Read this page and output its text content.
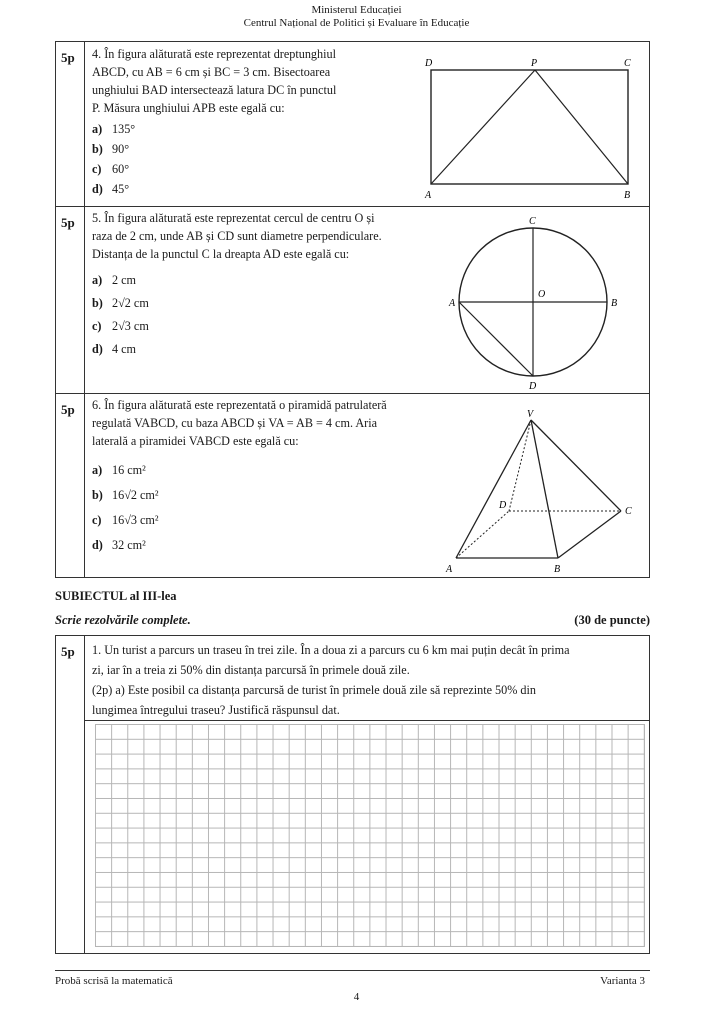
Ministerul Educației
Centrul Național de Politici și Evaluare în Educație
5p 4. În figura alăturată este reprezentat dreptunghiul
ABCD, cu AB = 6 cm și BC = 3 cm. Bisectoarea
unghiului BAD intersectează latura DC în punctul
P. Măsura unghiului APB este egală cu:
a) 135°
b) 90°
c) 60°
d) 45°
D	P	C
A	B
5p 5. În figura alăturată este reprezentat cercul de centru O și
raza de 2 cm, unde AB și CD sunt diametre perpendiculare.
Distanța de la punctul C la dreapta AD este egală cu:
a) 2 cm
b) 2√2 cm
c) 2√3 cm
d) 4 cm
C
A
O
B
D
5p 6. În figura alăturată este reprezentată o piramidă patrulateră
regulată VABCD, cu baza ABCD și VA = AB = 4 cm. Aria
laterală a piramidei VABCD este egală cu:
a) 16 cm²
b) 16√2 cm²
c) 16√3 cm²
d) 32 cm²
V
D
C
A	B
SUBIECTUL al III-lea
Scrie rezolvările complete.	(30 de puncte)
5p 1. Un turist a parcurs un traseu în trei zile. În a doua zi a parcurs cu 6 km mai puțin decât în prima
zi, iar în a treia zi 50% din distanța parcursă în primele două zile.
(2p) a) Este posibil ca distanța parcursă de turist în primele două zile să reprezinte 50% din
lungimea întregului traseu? Justifică răspunsul dat.
Probă scrisă la matematică	Varianta 3
4
